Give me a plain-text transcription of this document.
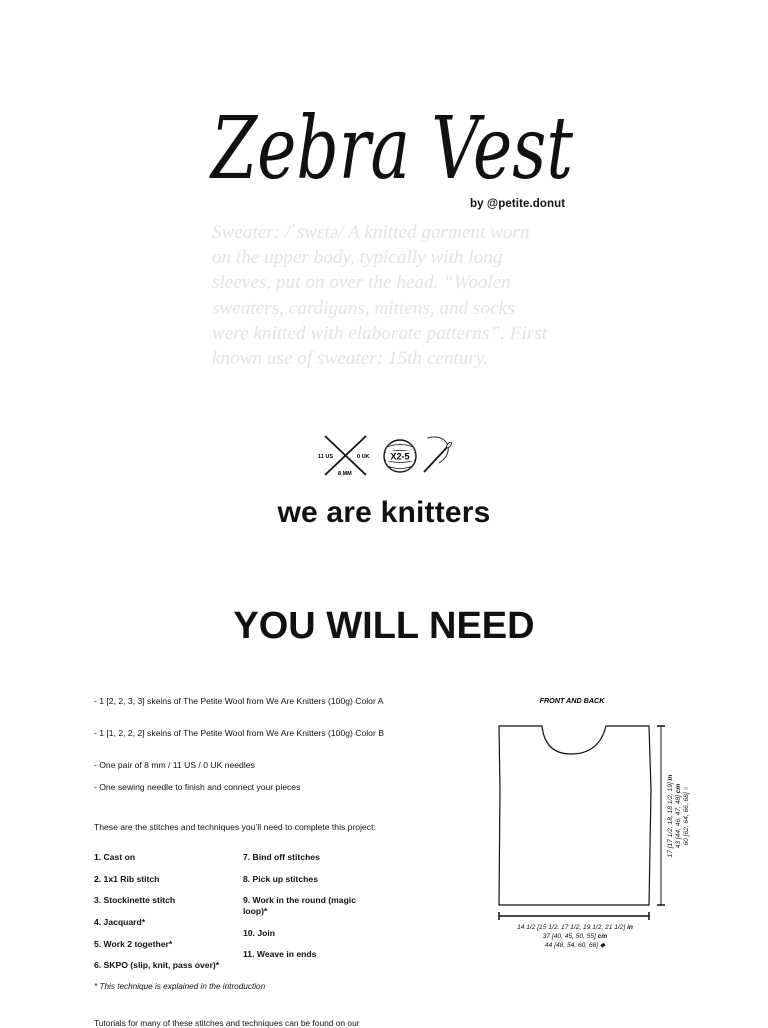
Zebra Vest
by @petite.donut
Sweater: /ˈswɛtə/ A knitted garment worn on the upper body, typically with long sleeves, put on over the head. “Woolen sweaters, cardigans, mittens, and socks were knitted with elaborate patterns”. First known use of sweater: 15th century.
11 US	0 UK
8 MM
X2-5
we are knitters
YOU WILL NEED
- 1 [2, 2, 3, 3] skeins of The Petite Wool from We Are Knitters (100g) Color A
- 1 [1, 2, 2, 2] skeins of The Petite Wool from We Are Knitters (100g) Color B
- One pair of 8 mm / 11 US / 0 UK needles
- One sewing needle to finish and connect your pieces
These are the stitches and techniques you’ll need to complete this project:
1. Cast on
2. 1x1 Rib stitch
3. Stockinette stitch
4. Jacquard*
5. Work 2 together*
6. SKPO (slip, knit, pass over)*
7. Bind off stitches
8. Pick up stitches
9. Work in the round (magic loop)*
10. Join
11. Weave in ends
* This technique is explained in the introduction
Tutorials for many of these stitches and techniques can be found on our
FRONT AND BACK
17 [17 1/2, 18, 18 1/2, 19] in
43 [44, 46, 47, 48] cm
60 [62, 64, 66, 68] ○
14 1/2 [15 1/2, 17 1/2, 19 1/2, 21 1/2] in
37 [40, 45, 50, 55] cm
44 [48, 54, 60, 66] ◆
